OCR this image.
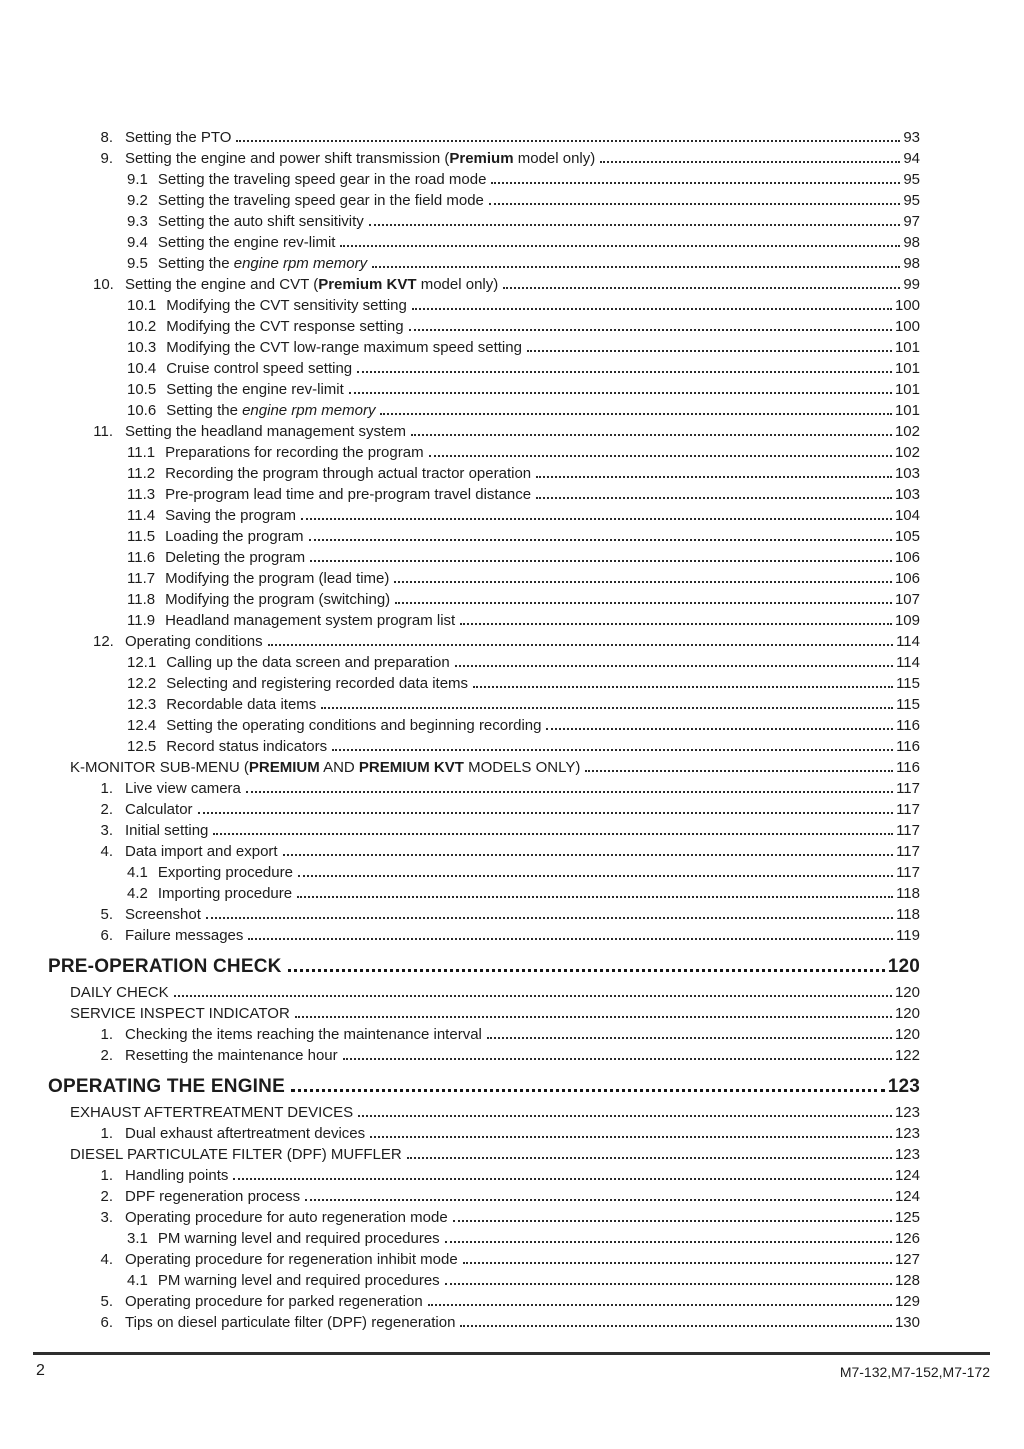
8. Setting the PTO	93
9. Setting the engine and power shift transmission (Premium model only)	94
9.1 Setting the traveling speed gear in the road mode	95
9.2 Setting the traveling speed gear in the field mode	95
9.3 Setting the auto shift sensitivity	97
9.4 Setting the engine rev-limit	98
9.5 Setting the engine rpm memory	98
10. Setting the engine and CVT (Premium KVT model only)	99
10.1 Modifying the CVT sensitivity setting	100
10.2 Modifying the CVT response setting	100
10.3 Modifying the CVT low-range maximum speed setting	101
10.4 Cruise control speed setting	101
10.5 Setting the engine rev-limit	101
10.6 Setting the engine rpm memory	101
11. Setting the headland management system	102
11.1 Preparations for recording the program	102
11.2 Recording the program through actual tractor operation	103
11.3 Pre-program lead time and pre-program travel distance	103
11.4 Saving the program	104
11.5 Loading the program	105
11.6 Deleting the program	106
11.7 Modifying the program (lead time)	106
11.8 Modifying the program (switching)	107
11.9 Headland management system program list	109
12. Operating conditions	114
12.1 Calling up the data screen and preparation	114
12.2 Selecting and registering recorded data items	115
12.3 Recordable data items	115
12.4 Setting the operating conditions and beginning recording	116
12.5 Record status indicators	116
K-MONITOR SUB-MENU (PREMIUM AND PREMIUM KVT MODELS ONLY)	116
1. Live view camera	117
2. Calculator	117
3. Initial setting	117
4. Data import and export	117
4.1 Exporting procedure	117
4.2 Importing procedure	118
5. Screenshot	118
6. Failure messages	119
PRE-OPERATION CHECK	120
DAILY CHECK	120
SERVICE INSPECT INDICATOR	120
1. Checking the items reaching the maintenance interval	120
2. Resetting the maintenance hour	122
OPERATING THE ENGINE	123
EXHAUST AFTERTREATMENT DEVICES	123
1. Dual exhaust aftertreatment devices	123
DIESEL PARTICULATE FILTER (DPF) MUFFLER	123
1. Handling points	124
2. DPF regeneration process	124
3. Operating procedure for auto regeneration mode	125
3.1 PM warning level and required procedures	126
4. Operating procedure for regeneration inhibit mode	127
4.1 PM warning level and required procedures	128
5. Operating procedure for parked regeneration	129
6. Tips on diesel particulate filter (DPF) regeneration	130
2	M7-132,M7-152,M7-172
